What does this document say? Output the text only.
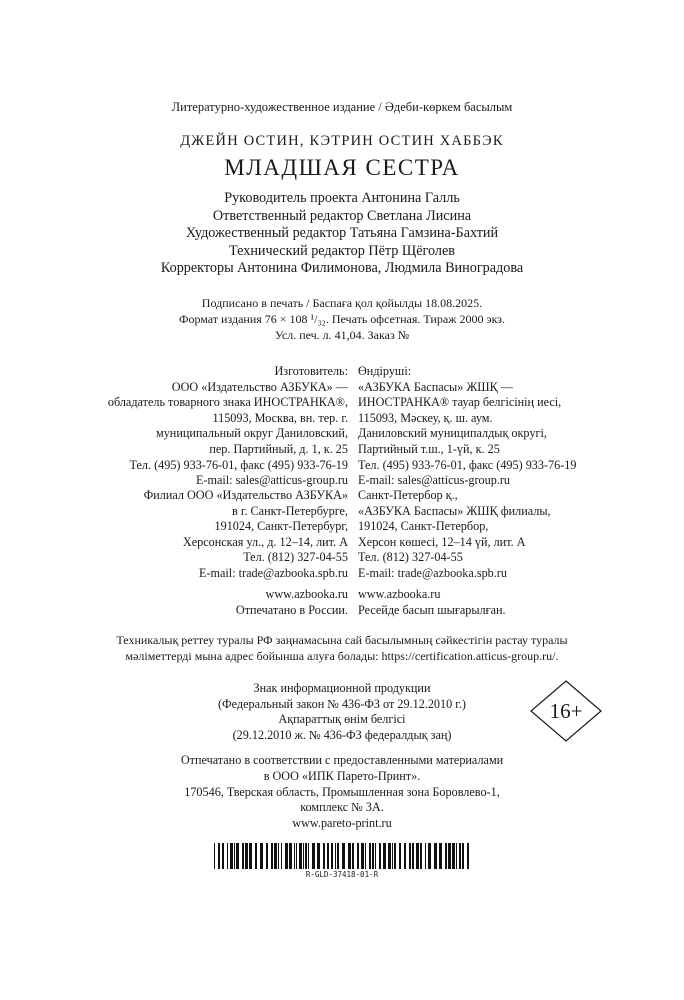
Литературно-художественное издание / Әдеби-көркем басылым
ДЖЕЙН ОСТИН, КЭТРИН ОСТИН ХАББЭК
МЛАДШАЯ СЕСТРА
Руководитель проекта Антонина Галль
Ответственный редактор Светлана Лисина
Художественный редактор Татьяна Гамзина-Бахтий
Технический редактор Пётр Щёголев
Корректоры Антонина Филимонова, Людмила Виноградова
Подписано в печать / Баспаға қол қойылды 18.08.2025.
Формат издания 76 × 108 ¹/₃₂. Печать офсетная. Тираж 2000 экз.
Усл. печ. л. 41,04. Заказ №
Изготовитель:
ООО «Издательство АЗБУКА» —
обладатель товарного знака ИНОСТРАНКА®,
115093, Москва, вн. тер. г.
муниципальный округ Даниловский,
пер. Партийный, д. 1, к. 25
Тел. (495) 933-76-01, факс (495) 933-76-19
E-mail: sales@atticus-group.ru
Өндіруші:
«АЗБУКА Баспасы» ЖШҚ —
ИНОСТРАНКА® тауар белгісінің иесі,
115093, Мәскеу, қ. ш. аум.
Даниловский муниципалдық округі,
Партийный т.ш., 1-үй, к. 25
Тел. (495) 933-76-01, факс (495) 933-76-19
E-mail: sales@atticus-group.ru
Филиал ООО «Издательство АЗБУКА»
в г. Санкт-Петербурге,
191024, Санкт-Петербург,
Херсонская ул., д. 12–14, лит. А
Тел. (812) 327-04-55
E-mail: trade@azbooka.spb.ru
Санкт-Петербор қ.,
«АЗБУКА Баспасы» ЖШҚ филиалы,
191024, Санкт-Петербор,
Херсон көшесі, 12–14 үй, лит. А
Тел. (812) 327-04-55
E-mail: trade@azbooka.spb.ru
www.azbooka.ru
Отпечатано в России.
www.azbooka.ru
Ресейде басып шығарылған.
Техникалық реттеу туралы РФ заңнамасына сай басылымның сәйкестігін растау туралы
мәліметтерді мына адрес бойынша алуға болады: https://certification.atticus-group.ru/.
Знак информационной продукции
(Федеральный закон № 436-ФЗ от 29.12.2010 г.)
Ақпараттық өнім белгісі
(29.12.2010 ж. № 436-ФЗ федералдық заң)
16+
Отпечатано в соответствии с предоставленными материалами
в ООО «ИПК Парето-Принт».
170546, Тверская область, Промышленная зона Боровлево-1,
комплекс № 3А.
www.pareto-print.ru
R-GLD-37418-01-R
